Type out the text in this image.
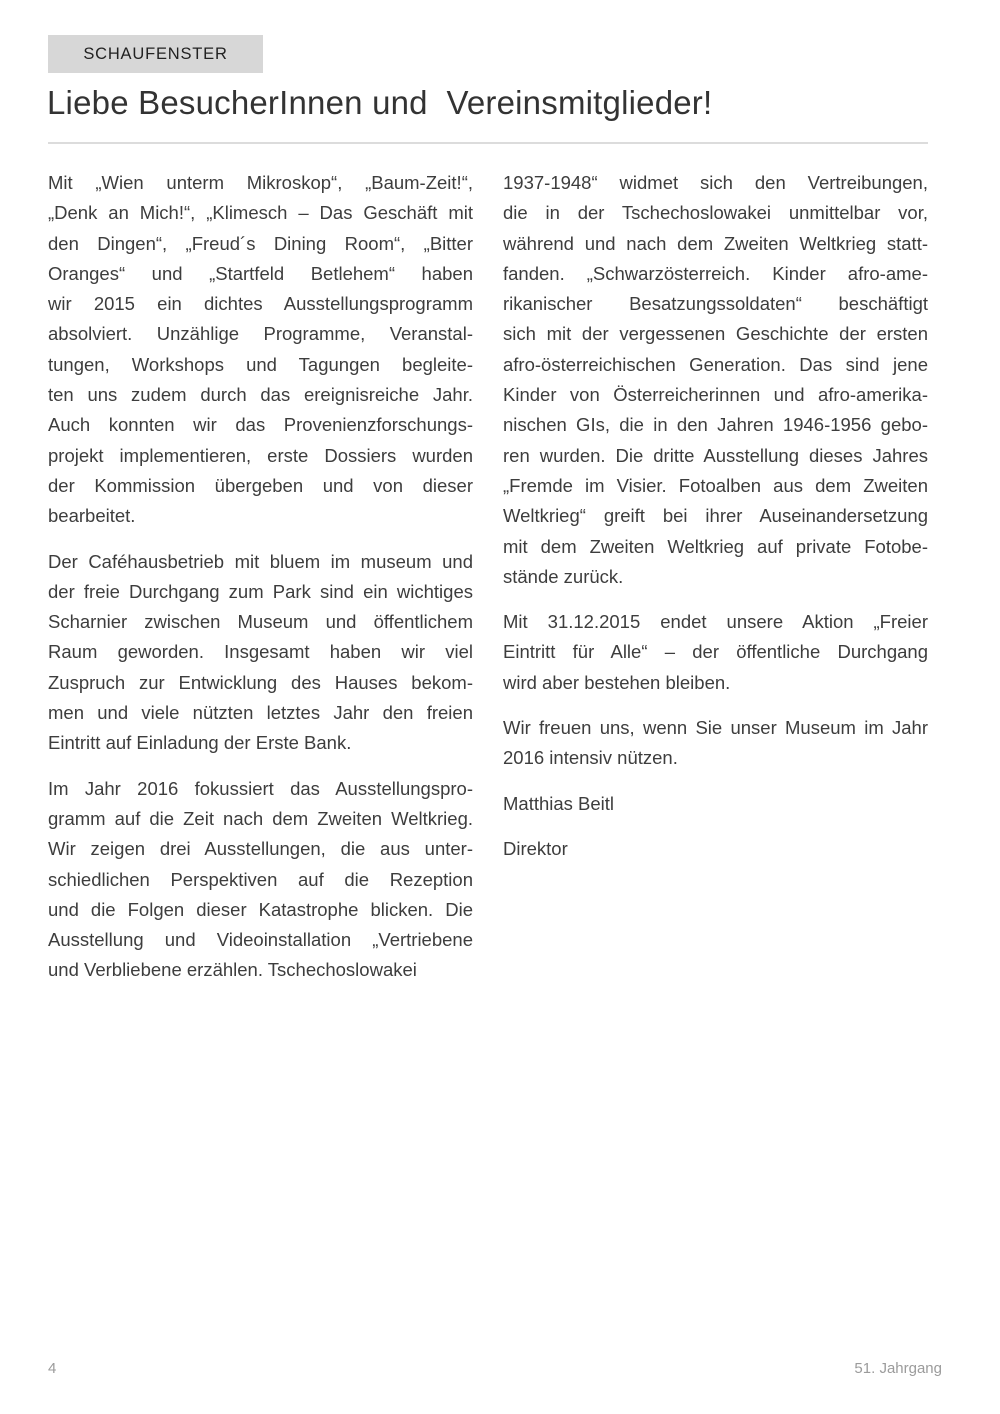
SCHAUFENSTER
Liebe BesucherInnen und  Vereinsmitglieder!
Mit „Wien unterm Mikroskop“, „Baum-Zeit!“,
„Denk an Mich!“, „Klimesch – Das Geschäft mit
den Dingen“, „Freud´s Dining Room“, „Bitter
Oranges“ und „Startfeld Betlehem“ haben
wir 2015 ein dichtes Ausstellungsprogramm
absolviert. Unzählige Programme, Veranstal-
tungen, Workshops und Tagungen begleite-
ten uns zudem durch das ereignisreiche Jahr.
Auch konnten wir das Provenienzforschungs-
projekt implementieren, erste Dossiers wurden
der Kommission übergeben und von dieser
bearbeitet.
Der Caféhausbetrieb mit bluem im museum und
der freie Durchgang zum Park sind ein wichtiges
Scharnier zwischen Museum und öffentlichem
Raum geworden. Insgesamt haben wir viel
Zuspruch zur Entwicklung des Hauses bekom-
men und viele nützten letztes Jahr den freien
Eintritt auf Einladung der Erste Bank.
Im Jahr 2016 fokussiert das Ausstellungspro-
gramm auf die Zeit nach dem Zweiten Weltkrieg.
Wir zeigen drei Ausstellungen, die aus unter-
schiedlichen Perspektiven auf die Rezeption
und die Folgen dieser Katastrophe blicken. Die
Ausstellung und Videoinstallation „Vertriebene
und Verbliebene erzählen. Tschechoslowakei
1937-1948“ widmet sich den Vertreibungen,
die in der Tschechoslowakei unmittelbar vor,
während und nach dem Zweiten Weltkrieg statt-
fanden. „Schwarzösterreich. Kinder afro-ame-
rikanischer Besatzungssoldaten“ beschäftigt
sich mit der vergessenen Geschichte der ersten
afro-österreichischen Generation. Das sind jene
Kinder von Österreicherinnen und afro-amerika-
nischen GIs, die in den Jahren 1946-1956 gebo-
ren wurden. Die dritte Ausstellung dieses Jahres
„Fremde im Visier. Fotoalben aus dem Zweiten
Weltkrieg“ greift bei ihrer Auseinandersetzung
mit dem Zweiten Weltkrieg auf private Fotobe-
stände zurück.
Mit 31.12.2015 endet unsere Aktion „Freier
Eintritt für Alle“ – der öffentliche Durchgang
wird aber bestehen bleiben.
Wir freuen uns, wenn Sie unser Museum im Jahr
2016 intensiv nützen.
Matthias Beitl
Direktor
4	51. Jahrgang
